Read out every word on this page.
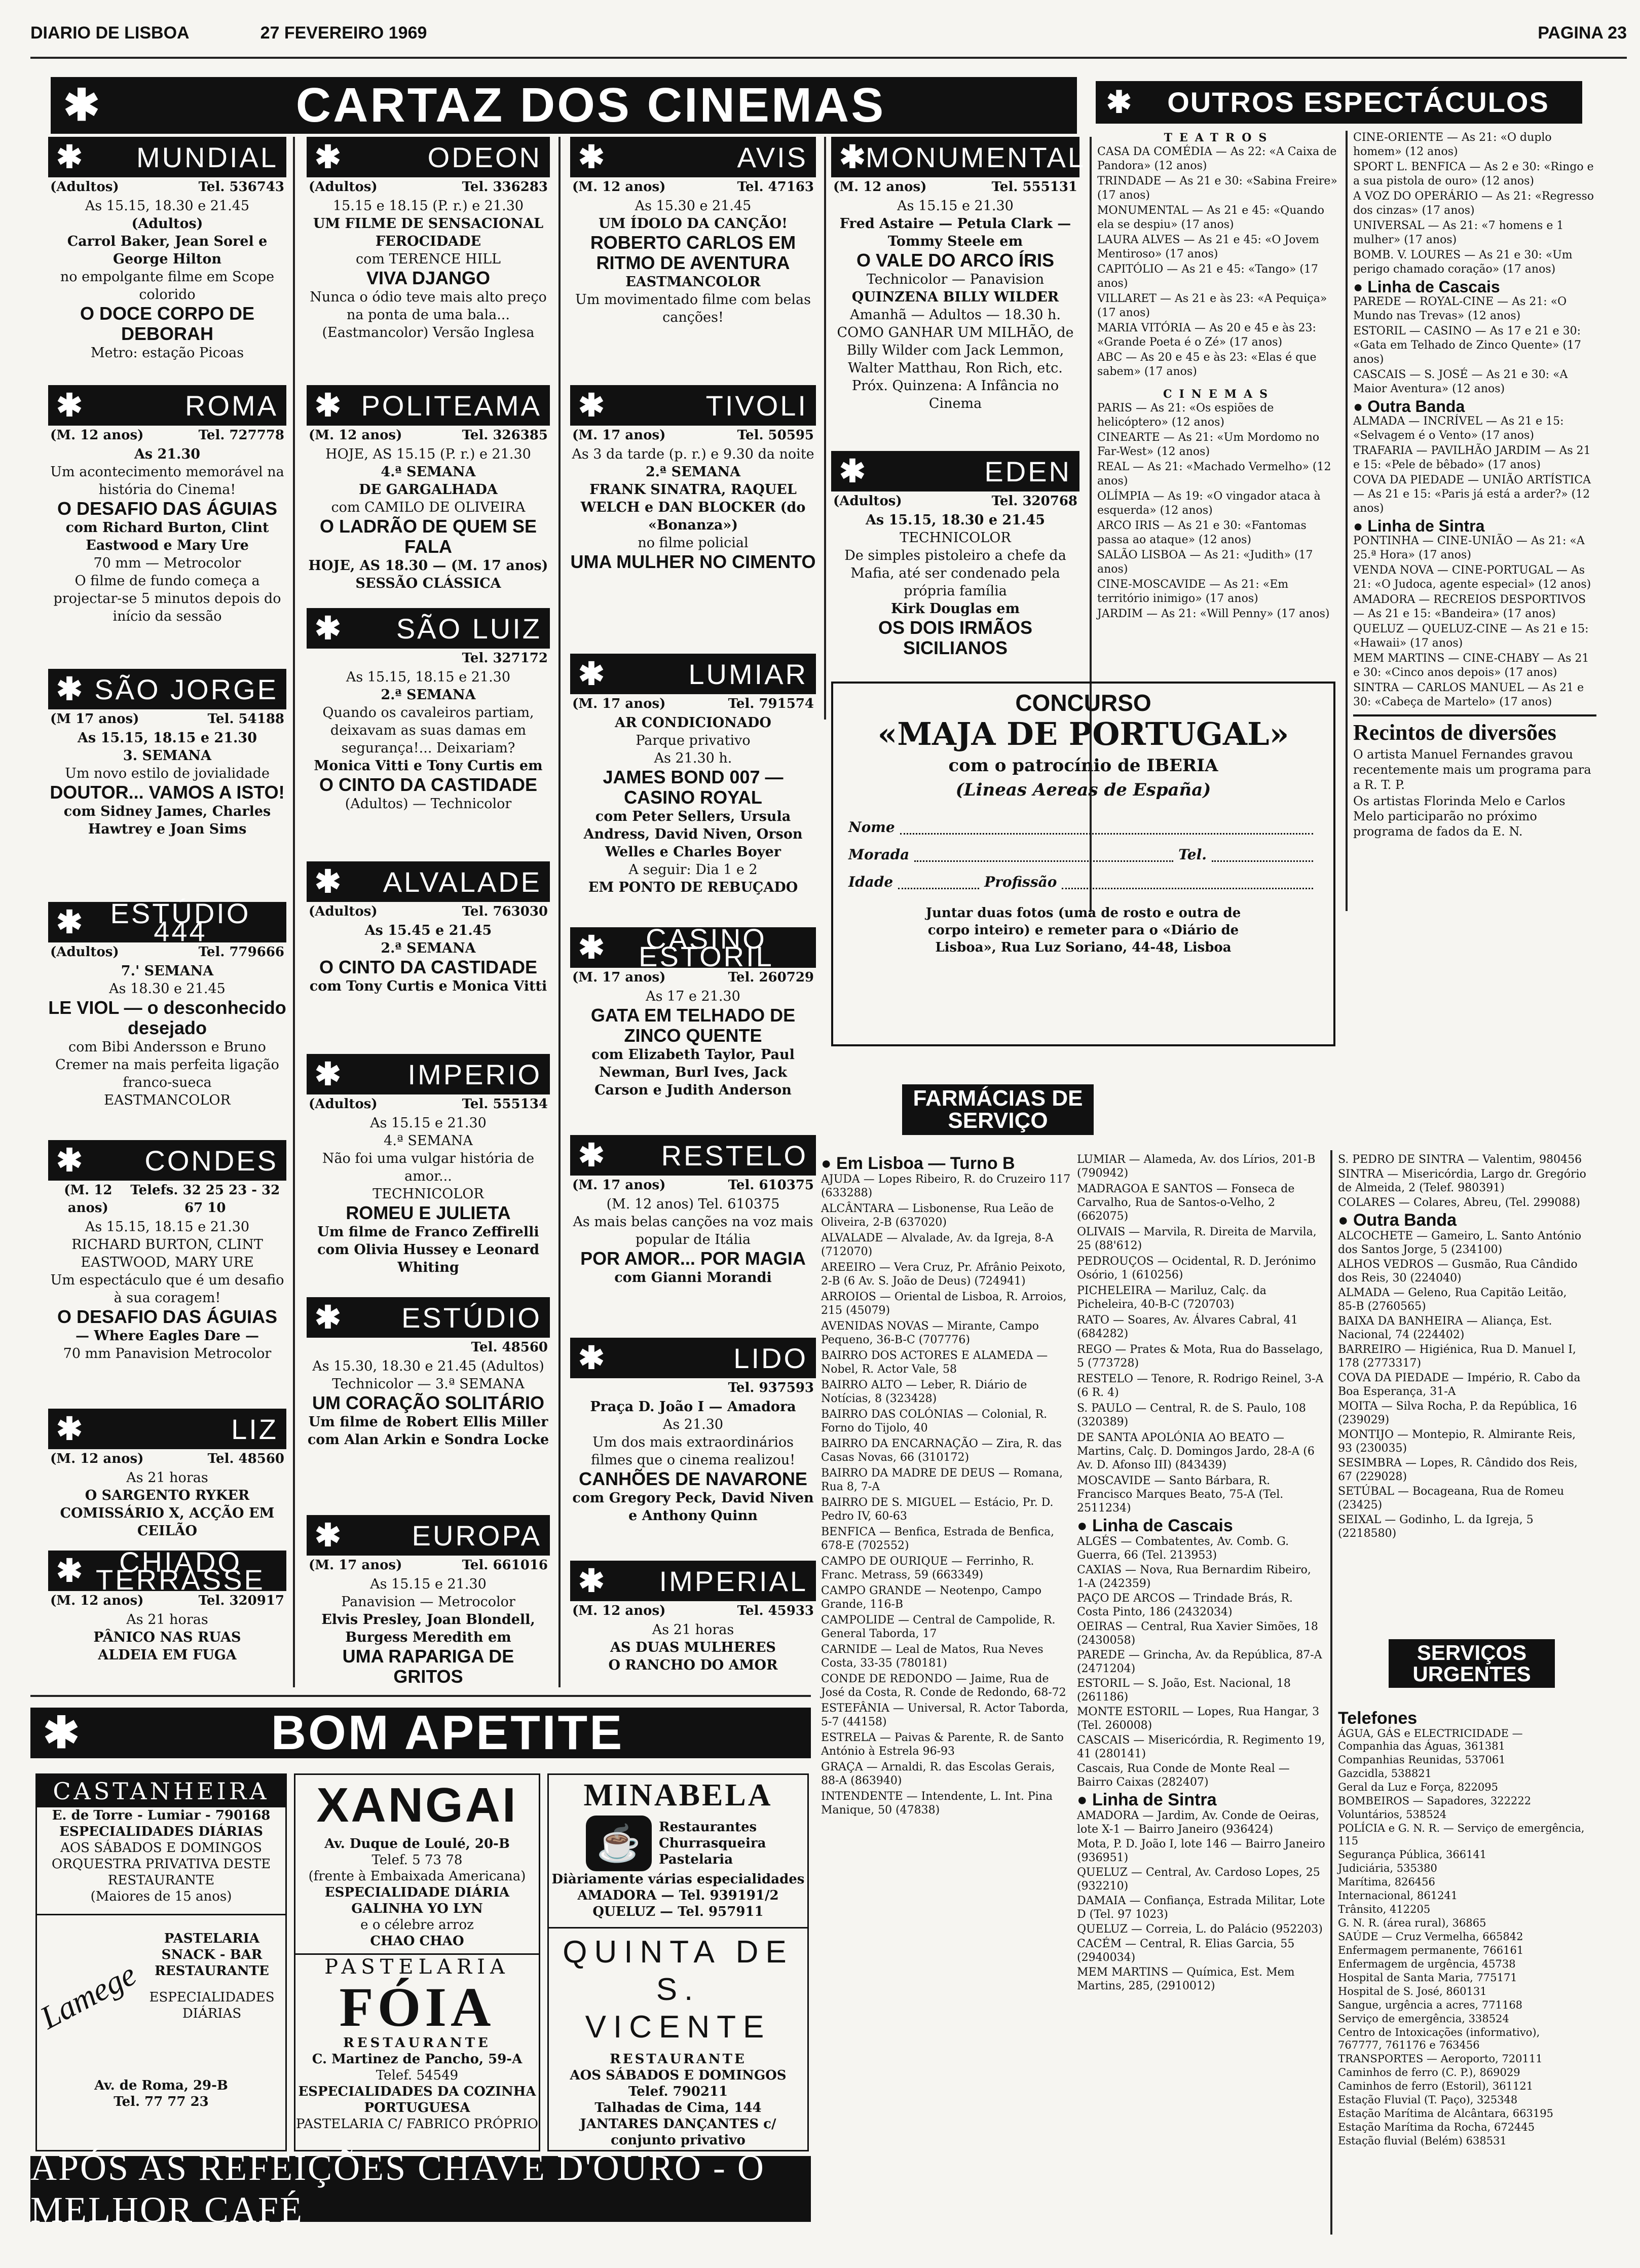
DIARIO DE LISBOA	27 FEVEREIRO 1969	PAGINA 23
✱	CARTAZ DOS CINEMAS	✱	OUTROS ESPECTÁCULOS
✱ MUNDIAL
(Adultos)	Tel. 536743
As 15.15, 18.30 e 21.45
(Adultos)
Carrol Baker, Jean Sorel e George Hilton
no empolgante filme em Scope colorido
O DOCE CORPO DE DEBORAH
Metro: estação Picoas
✱	ROMA
(M. 12 anos)	Tel. 727778
As 21.30
Um acontecimento memorável na história do Cinema!
O DESAFIO DAS ÁGUIAS
com Richard Burton, Clint Eastwood e Mary Ure
70 mm — Metrocolor
O filme de fundo começa a projectar-se 5 minutos depois do início da sessão
✱ SÃO JORGE
(M 17 anos)	Tel. 54188
As 15.15, 18.15 e 21.30
3. SEMANA
Um novo estilo de jovialidade
DOUTOR... VAMOS A ISTO!
com Sidney James, Charles Hawtrey e Joan Sims
✱ ESTÚDIO 444
(Adultos)	Tel. 779666
7.' SEMANA
As 18.30 e 21.45
LE VIOL — o desconhecido desejado
com Bibi Andersson e Bruno Cremer na mais perfeita ligação franco-sueca
EASTMANCOLOR
✱ CONDES
(M. 12 anos)
Telefs. 32 25 23 - 32 67 10
As 15.15, 18.15 e 21.30
RICHARD BURTON, CLINT EASTWOOD, MARY URE
Um espectáculo que é um desafio à sua coragem!
O DESAFIO DAS ÁGUIAS
— Where Eagles Dare —
70 mm Panavision Metrocolor
✱	LIZ
(M. 12 anos)	Tel. 48560
As 21 horas
O SARGENTO RYKER
COMISSÁRIO X, ACÇÃO EM CEILÃO
✱	CHIADO TERRASSE
(M. 12 anos)	Tel. 320917
As 21 horas
PÂNICO NAS RUAS
ALDEIA EM FUGA
✱	ODEON
(Adultos)	Tel. 336283
15.15 e 18.15 (P. r.) e 21.30
UM FILME DE SENSACIONAL FEROCIDADE
com TERENCE HILL
VIVA DJANGO
Nunca o ódio teve mais alto preço na ponta de uma bala...
(Eastmancolor) Versão Inglesa
✱ POLITEAMA
(M. 12 anos)	Tel. 326385
HOJE, AS 15.15 (P. r.) e 21.30
4.ª SEMANA
DE GARGALHADA
com CAMILO DE OLIVEIRA
O LADRÃO DE QUEM SE FALA
HOJE, AS 18.30 — (M. 17 anos)
SESSÃO CLÁSSICA
✱ SÃO LUIZ
Tel. 327172
As 15.15, 18.15 e 21.30
2.ª SEMANA
Quando os cavaleiros partiam, deixavam as suas damas em segurança!... Deixariam?
Monica Vitti e Tony Curtis em
O CINTO DA CASTIDADE
(Adultos) — Technicolor
✱ ALVALADE
(Adultos)	Tel. 763030
As 15.45 e 21.45
2.ª SEMANA
O CINTO DA CASTIDADE
com Tony Curtis e Monica Vitti
✱ IMPERIO
(Adultos)	Tel. 555134
As 15.15 e 21.30
4.ª SEMANA
Não foi uma vulgar história de amor...
TECHNICOLOR
ROMEU E JULIETA
Um filme de Franco Zeffirelli com Olivia Hussey e Leonard Whiting
✱ ESTÚDIO
Tel. 48560
As 15.30, 18.30 e 21.45 (Adultos)
Technicolor — 3.ª SEMANA
UM CORAÇÃO SOLITÁRIO
Um filme de Robert Ellis Miller com Alan Arkin e Sondra Locke
✱ EUROPA
(M. 17 anos)	Tel. 661016
As 15.15 e 21.30
Panavision — Metrocolor
Elvis Presley, Joan Blondell, Burgess Meredith em
UMA RAPARIGA DE GRITOS
✱	AVIS
(M. 12 anos)	Tel. 47163
As 15.30 e 21.45
UM ÍDOLO DA CANÇÃO!
ROBERTO CARLOS EM RITMO DE AVENTURA
EASTMANCOLOR
Um movimentado filme com belas canções!
✱	TIVOLI
(M. 17 anos)	Tel. 50595
As 3 da tarde (p. r.) e 9.30 da noite
2.ª SEMANA
FRANK SINATRA, RAQUEL WELCH e DAN BLOCKER (do «Bonanza»)
no filme policial
UMA MULHER NO CIMENTO
✱	LUMIAR
(M. 17 anos)	Tel. 791574
AR CONDICIONADO
Parque privativo
As 21.30 h.
JAMES BOND 007 — CASINO ROYAL
com Peter Sellers, Ursula Andress, David Niven, Orson Welles e Charles Boyer
A seguir: Dia 1 e 2
EM PONTO DE REBUÇADO
✱	CASINO ESTORIL
(M. 17 anos)	Tel. 260729
As 17 e 21.30
GATA EM TELHADO DE ZINCO QUENTE
com Elizabeth Taylor, Paul Newman, Burl Ives, Jack Carson e Judith Anderson
✱ RESTELO
(M. 17 anos)	Tel. 610375
(M. 12 anos) Tel. 610375
As mais belas canções na voz mais popular de Itália
POR AMOR... POR MAGIA
com Gianni Morandi
✱	LIDO
Tel. 937593
Praça D. João I — Amadora
As 21.30
Um dos mais extraordinários filmes que o cinema realizou!
CANHÕES DE NAVARONE
com Gregory Peck, David Niven e Anthony Quinn
✱ IMPERIAL
(M. 12 anos)	Tel. 45933
As 21 horas
AS DUAS MULHERES
O RANCHO DO AMOR
✱ MONUMENTAL
(M. 12 anos)	Tel. 555131
As 15.15 e 21.30
Fred Astaire — Petula Clark — Tommy Steele em
O VALE DO ARCO ÍRIS
Technicolor — Panavision
QUINZENA BILLY WILDER
Amanhã — Adultos — 18.30 h. COMO GANHAR UM MILHÃO, de Billy Wilder com Jack Lemmon, Walter Matthau, Ron Rich, etc.
Próx. Quinzena: A Infância no Cinema
✱	EDEN
(Adultos)	Tel. 320768
As 15.15, 18.30 e 21.45
TECHNICOLOR
De simples pistoleiro a chefe da Mafia, até ser condenado pela própria família
Kirk Douglas em
OS DOIS IRMÃOS SICILIANOS
CONCURSO
«MAJA DE PORTUGAL»
com o patrocínio de IBERIA
(Lineas Aereas de España)
Nome
Morada	Tel.
Idade	Profissão
Juntar duas fotos (uma de rosto e outra de corpo inteiro) e remeter para o «Diário de Lisboa», Rua Luz Soriano, 44-48, Lisboa
TEATROS
CASA DA COMÉDIA — As 22: «A Caixa de Pandora» (12 anos)
TRINDADE — As 21 e 30: «Sabina Freire» (17 anos)
MONUMENTAL — As 21 e 45: «Quando ela se despiu» (17 anos)
LAURA ALVES — As 21 e 45: «O Jovem Mentiroso» (17 anos)
CAPITÓLIO — As 21 e 45: «Tango» (17 anos)
VILLARET — As 21 e às 23: «A Pequiça» (17 anos)
MARIA VITÓRIA — As 20 e 45 e às 23: «Grande Poeta é o Zé» (17 anos)
ABC — As 20 e 45 e às 23: «Elas é que sabem» (17 anos)
CINEMAS
PARIS — As 21: «Os espiões de helicóptero» (12 anos)
CINEARTE — As 21: «Um Mordomo no Far-West» (12 anos)
REAL — As 21: «Machado Vermelho» (12 anos)
OLÍMPIA — As 19: «O vingador ataca à esquerda» (12 anos)
ARCO IRIS — As 21 e 30: «Fantomas passa ao ataque» (12 anos)
SALÃO LISBOA — As 21: «Judith» (17 anos)
CINE-MOSCAVIDE — As 21: «Em território inimigo» (17 anos)
JARDIM — As 21: «Will Penny» (17 anos)
CINE-ORIENTE — As 21: «O duplo homem» (12 anos)
SPORT L. BENFICA — As 2 e 30: «Ringo e a sua pistola de ouro» (12 anos)
A VOZ DO OPERÁRIO — As 21: «Regresso dos cinzas» (17 anos)
UNIVERSAL — As 21: «7 homens e 1 mulher» (17 anos)
BOMB. V. LOURES — As 21 e 30: «Um perigo chamado coração» (17 anos)
● Linha de Cascais
PAREDE — ROYAL-CINE — As 21: «O Mundo nas Trevas» (12 anos)
ESTORIL — CASINO — As 17 e 21 e 30: «Gata em Telhado de Zinco Quente» (17 anos)
CASCAIS — S. JOSÉ — As 21 e 30: «A Maior Aventura» (12 anos)
● Outra Banda
ALMADA — INCRÍVEL — As 21 e 15: «Selvagem é o Vento» (17 anos)
TRAFARIA — PAVILHÃO JARDIM — As 21 e 15: «Pele de bêbado» (17 anos)
COVA DA PIEDADE — UNIÃO ARTÍSTICA — As 21 e 15: «Paris já está a arder?» (12 anos)
● Linha de Sintra
PONTINHA — CINE-UNIÃO — As 21: «A 25.ª Hora» (17 anos)
VENDA NOVA — CINE-PORTUGAL — As 21: «O Judoca, agente especial» (12 anos)
AMADORA — RECREIOS DESPORTIVOS — As 21 e 15: «Bandeira» (17 anos)
QUELUZ — QUELUZ-CINE — As 21 e 15: «Hawaii» (17 anos)
MEM MARTINS — CINE-CHABY — As 21 e 30: «Cinco anos depois» (17 anos)
SINTRA — CARLOS MANUEL — As 21 e 30: «Cabeça de Martelo» (17 anos)
Recintos de diversões
O artista Manuel Fernandes gravou recentemente mais um programa para a R. T. P.
Os artistas Florinda Melo e Carlos Melo participarão no próximo programa de fados da E. N.
FARMÁCIAS DE SERVIÇO
● Em Lisboa — Turno B
AJUDA — Lopes Ribeiro, R. do Cruzeiro 117 (633288)
ALCÂNTARA — Lisbonense, Rua Leão de Oliveira, 2-B (637020)
ALVALADE — Alvalade, Av. da Igreja, 8-A (712070)
AREEIRO — Vera Cruz, Pr. Afrânio Peixoto, 2-B (6 Av. S. João de Deus) (724941)
ARROIOS — Oriental de Lisboa, R. Arroios, 215 (45079)
AVENIDAS NOVAS — Mirante, Campo Pequeno, 36-B-C (707776)
BAIRRO DOS ACTORES E ALAMEDA — Nobel, R. Actor Vale, 58
BAIRRO ALTO — Leber, R. Diário de Notícias, 8 (323428)
BAIRRO DAS COLÓNIAS — Colonial, R. Forno do Tijolo, 40
BAIRRO DA ENCARNAÇÃO — Zira, R. das Casas Novas, 66 (310172)
BAIRRO DA MADRE DE DEUS — Romana, Rua 8, 7-A
BAIRRO DE S. MIGUEL — Estácio, Pr. D. Pedro IV, 60-63
BENFICA — Benfica, Estrada de Benfica, 678-E (702552)
CAMPO DE OURIQUE — Ferrinho, R. Franc. Metrass, 59 (663349)
CAMPO GRANDE — Neotenpo, Campo Grande, 116-B
CAMPOLIDE — Central de Campolide, R. General Taborda, 17
CARNIDE — Leal de Matos, Rua Neves Costa, 33-35 (780181)
CONDE DE REDONDO — Jaime, Rua de José da Costa, R. Conde de Redondo, 68-72
ESTEFÂNIA — Universal, R. Actor Taborda, 5-7 (44158)
ESTRELA — Paivas & Parente, R. de Santo António à Estrela 96-93
GRAÇA — Arnaldi, R. das Escolas Gerais, 88-A (863940)
INTENDENTE — Intendente, L. Int. Pina Manique, 50 (47838)
LUMIAR — Alameda, Av. dos Lírios, 201-B (790942)
MADRAGOA E SANTOS — Fonseca de Carvalho, Rua de Santos-o-Velho, 2 (662075)
OLIVAIS — Marvila, R. Direita de Marvila, 25 (88'612)
PEDROUÇOS — Ocidental, R. D. Jerónimo Osório, 1 (610256)
PICHELEIRA — Mariluz, Calç. da Picheleira, 40-B-C (720703)
RATO — Soares, Av. Álvares Cabral, 41 (684282)
REGO — Prates & Mota, Rua do Basselago, 5 (773728)
RESTELO — Tenore, R. Rodrigo Reinel, 3-A (6 R. 4)
S. PAULO — Central, R. de S. Paulo, 108 (320389)
DE SANTA APOLÓNIA AO BEATO — Martins, Calç. D. Domingos Jardo, 28-A (6 Av. D. Afonso III) (843439)
MOSCAVIDE — Santo Bárbara, R. Francisco Marques Beato, 75-A (Tel. 2511234)
● Linha de Cascais
ALGÉS — Combatentes, Av. Comb. G. Guerra, 66 (Tel. 213953)
CAXIAS — Nova, Rua Bernardim Ribeiro, 1-A (242359)
PAÇO DE ARCOS — Trindade Brás, R. Costa Pinto, 186 (2432034)
OEIRAS — Central, Rua Xavier Simões, 18 (2430058)
PAREDE — Grincha, Av. da República, 87-A (2471204)
ESTORIL — S. João, Est. Nacional, 18 (261186)
MONTE ESTORIL — Lopes, Rua Hangar, 3 (Tel. 260008)
CASCAIS — Misericórdia, R. Regimento 19, 41 (280141)
Cascais, Rua Conde de Monte Real — Bairro Caixas (282407)
● Linha de Sintra
AMADORA — Jardim, Av. Conde de Oeiras, lote X-1 — Bairro Janeiro (936424)
Mota, P. D. João I, lote 146 — Bairro Janeiro (936951)
QUELUZ — Central, Av. Cardoso Lopes, 25 (932210)
DAMAIA — Confiança, Estrada Militar, Lote D (Tel. 97 1023)
QUELUZ — Correia, L. do Palácio (952203)
CACÉM — Central, R. Elias Garcia, 55 (2940034)
MEM MARTINS — Química, Est. Mem Martins, 285, (2910012)
S. PEDRO DE SINTRA — Valentim, 980456
SINTRA — Misericórdia, Largo dr. Gregório de Almeida, 2 (Telef. 980391)
COLARES — Colares, Abreu, (Tel. 299088)
● Outra Banda
ALCOCHETE — Gameiro, L. Santo António dos Santos Jorge, 5 (234100)
ALHOS VEDROS — Gusmão, Rua Cândido dos Reis, 30 (224040)
ALMADA — Geleno, Rua Capitão Leitão, 85-B (2760565)
BAIXA DA BANHEIRA — Aliança, Est. Nacional, 74 (224402)
BARREIRO — Higiénica, Rua D. Manuel I, 178 (2773317)
COVA DA PIEDADE — Império, R. Cabo da Boa Esperança, 31-A
MOITA — Silva Rocha, P. da República, 16 (239029)
MONTIJO — Montepio, R. Almirante Reis, 93 (230035)
SESIMBRA — Lopes, R. Cândido dos Reis, 67 (229028)
SETÚBAL — Bocageana, Rua de Romeu (23425)
SEIXAL — Godinho, L. da Igreja, 5 (2218580)
SERVIÇOS URGENTES
Telefones
ÁGUA, GÁS e ELECTRICIDADE — Companhia das Águas, 361381
Companhias Reunidas, 537061
Gazcidla, 538821
Geral da Luz e Força, 822095
BOMBEIROS — Sapadores, 322222
Voluntários, 538524
POLÍCIA e G. N. R. — Serviço de emergência, 115
Segurança Pública, 366141
Judiciária, 535380
Marítima, 826456
Internacional, 861241
Trânsito, 412205
G. N. R. (área rural), 36865
SAÚDE — Cruz Vermelha, 665842
Enfermagem permanente, 766161
Enfermagem de urgência, 45738
Hospital de Santa Maria, 775171
Hospital de S. José, 860131
Sangue, urgência a acres, 771168
Serviço de emergência, 338524
Centro de Intoxicações (informativo), 767777, 761176 e 763456
TRANSPORTES — Aeroporto, 720111
Caminhos de ferro (C. P.), 869029
Caminhos de ferro (Estoril), 361121
Estação Fluvial (T. Paço), 325348
Estação Marítima de Alcântara, 663195
Estação Marítima da Rocha, 672445
Estação fluvial (Belém) 638531
✱	BOM APETITE
CASTANHEIRA
E. de Torre - Lumiar - 790168
ESPECIALIDADES DIÁRIAS
AOS SÁBADOS E DOMINGOS ORQUESTRA PRIVATIVA DESTE RESTAURANTE
(Maiores de 15 anos)
Lamege
PASTELARIA
SNACK - BAR
RESTAURANTE
ESPECIALIDADES DIÁRIAS
Av. de Roma, 29-B
Tel. 77 77 23
XANGAI
Av. Duque de Loulé, 20-B
Telef. 5 73 78
(frente à Embaixada Americana)
ESPECIALIDADE DIÁRIA
GALINHA YO LYN
e o célebre arroz
CHAO CHAO
PASTELARIA
FÓIA
RESTAURANTE
C. Martinez de Pancho, 59-A
Telef. 54549
ESPECIALIDADES DA COZINHA PORTUGUESA
PASTELARIA C/ FABRICO PRÓPRIO
MINABELA
☕	Restaurantes Churrasqueira Pastelaria
Diàriamente várias especialidades
AMADORA — Tel. 939191/2
QUELUZ — Tel. 957911
QUINTA DE S. VICENTE
RESTAURANTE
AOS SÁBADOS E DOMINGOS
Telef. 790211
Talhadas de Cima, 144
JANTARES DANÇANTES c/ conjunto privativo
APÓS AS REFEIÇÕES CHAVE D'OURO - O MELHOR CAFÉ
